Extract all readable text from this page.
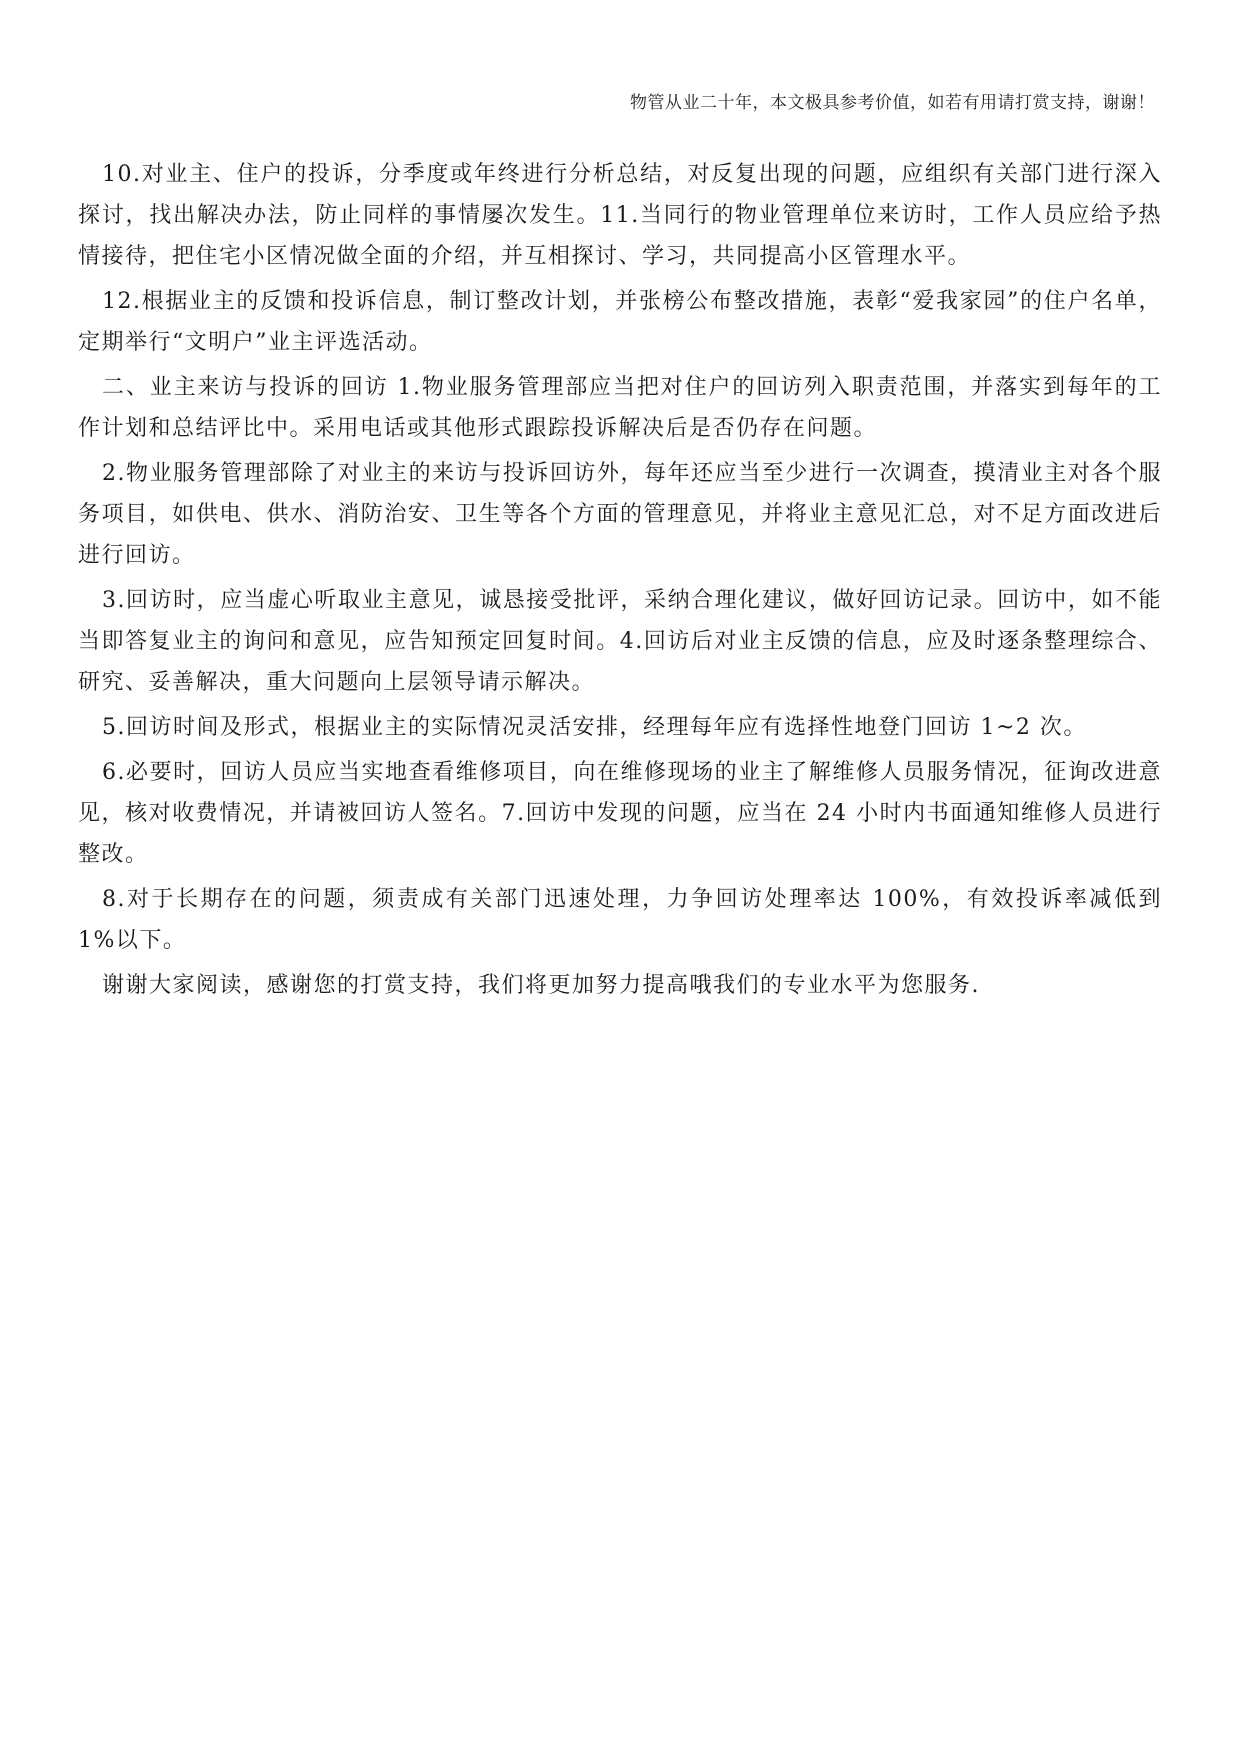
物管从业二十年，本文极具参考价值，如若有用请打赏支持，谢谢！

10.对业主、住户的投诉，分季度或年终进行分析总结，对反复出现的问题，应组织有关部门进行深入探讨，找出解决办法，防止同样的事情屡次发生。11.当同行的物业管理单位来访时，工作人员应给予热情接待，把住宅小区情况做全面的介绍，并互相探讨、学习，共同提高小区管理水平。

12.根据业主的反馈和投诉信息，制订整改计划，并张榜公布整改措施，表彰“爱我家园”的住户名单，定期举行“文明户”业主评选活动。

二、业主来访与投诉的回访 1.物业服务管理部应当把对住户的回访列入职责范围，并落实到每年的工作计划和总结评比中。采用电话或其他形式跟踪投诉解决后是否仍存在问题。

2.物业服务管理部除了对业主的来访与投诉回访外，每年还应当至少进行一次调查，摸清业主对各个服务项目，如供电、供水、消防治安、卫生等各个方面的管理意见，并将业主意见汇总，对不足方面改进后进行回访。

3.回访时，应当虚心听取业主意见，诚恳接受批评，采纳合理化建议，做好回访记录。回访中，如不能当即答复业主的询问和意见，应告知预定回复时间。4.回访后对业主反馈的信息，应及时逐条整理综合、研究、妥善解决，重大问题向上层领导请示解决。

5.回访时间及形式，根据业主的实际情况灵活安排，经理每年应有选择性地登门回访 1~2 次。

6.必要时，回访人员应当实地查看维修项目，向在维修现场的业主了解维修人员服务情况，征询改进意见，核对收费情况，并请被回访人签名。7.回访中发现的问题，应当在 24 小时内书面通知维修人员进行整改。

8.对于长期存在的问题，须责成有关部门迅速处理，力争回访处理率达 100%，有效投诉率减低到 1%以下。

谢谢大家阅读，感谢您的打赏支持，我们将更加努力提高哦我们的专业水平为您服务.
